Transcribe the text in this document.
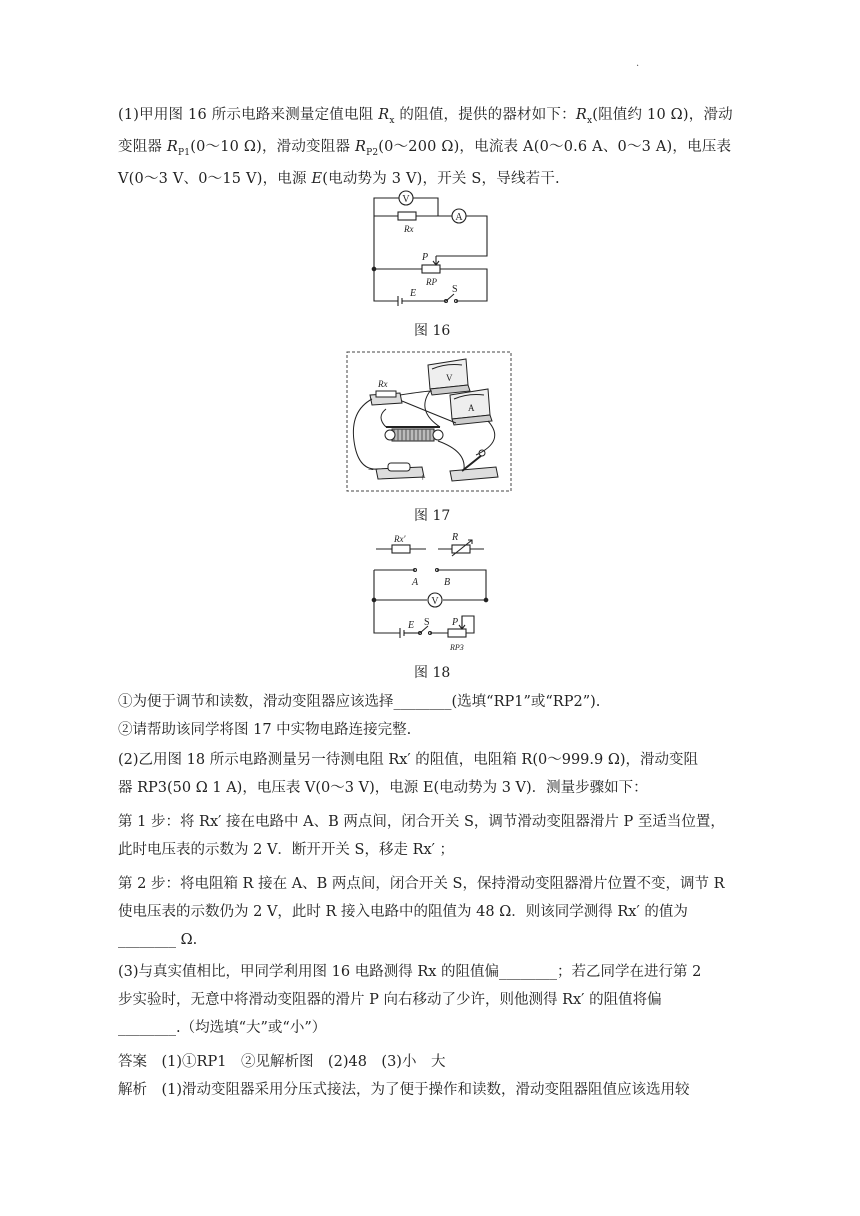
.
(1)甲用图 16 所示电路来测量定值电阻 $R_x$ 的阻值，提供的器材如下：$R_x$(阻值约 10 Ω)，滑动变阻器 $R_{P1}(0\sim 10$ Ω)，滑动变阻器 $R_{P2}(0\sim 200$ Ω)，电流表 A(0～0.6 A、0～3 A)，电压表 V(0～3 V、0～15 V)，电源 E(电动势为 3 V)，开关 S，导线若干.
V
Rx
A
P
RP
E	S
图 16
V
A
Rx
−
+
图 17
Rx′	R
A	B
V
E S P
RP3
图 18
①为便于调节和读数，滑动变阻器应该选择________(选填“RP1”或“RP2”).
②请帮助该同学将图 17 中实物电路连接完整.
(2)乙用图 18 所示电路测量另一待测电阻 Rx′ 的阻值，电阻箱 R(0～999.9 Ω)，滑动变阻
器 RP3(50 Ω 1 A)，电压表 V(0～3 V)，电源 E(电动势为 3 V)．测量步骤如下：
第 1 步：将 Rx′ 接在电路中 A、B 两点间，闭合开关 S，调节滑动变阻器滑片 P 至适当位置，
此时电压表的示数为 2 V．断开开关 S，移走 Rx′ ；
第 2 步：将电阻箱 R 接在 A、B 两点间，闭合开关 S，保持滑动变阻器滑片位置不变，调节 R
使电压表的示数仍为 2 V，此时 R 接入电路中的阻值为 48 Ω．则该同学测得 Rx′ 的值为
________ Ω.
(3)与真实值相比，甲同学利用图 16 电路测得 Rx 的阻值偏________；若乙同学在进行第 2
步实验时，无意中将滑动变阻器的滑片 P 向右移动了少许，则他测得 Rx′ 的阻值将偏
________.（均选填“大”或“小”）
答案　(1)①RP1　②见解析图　(2)48　(3)小　大
解析　(1)滑动变阻器采用分压式接法，为了便于操作和读数，滑动变阻器阻值应该选用较
